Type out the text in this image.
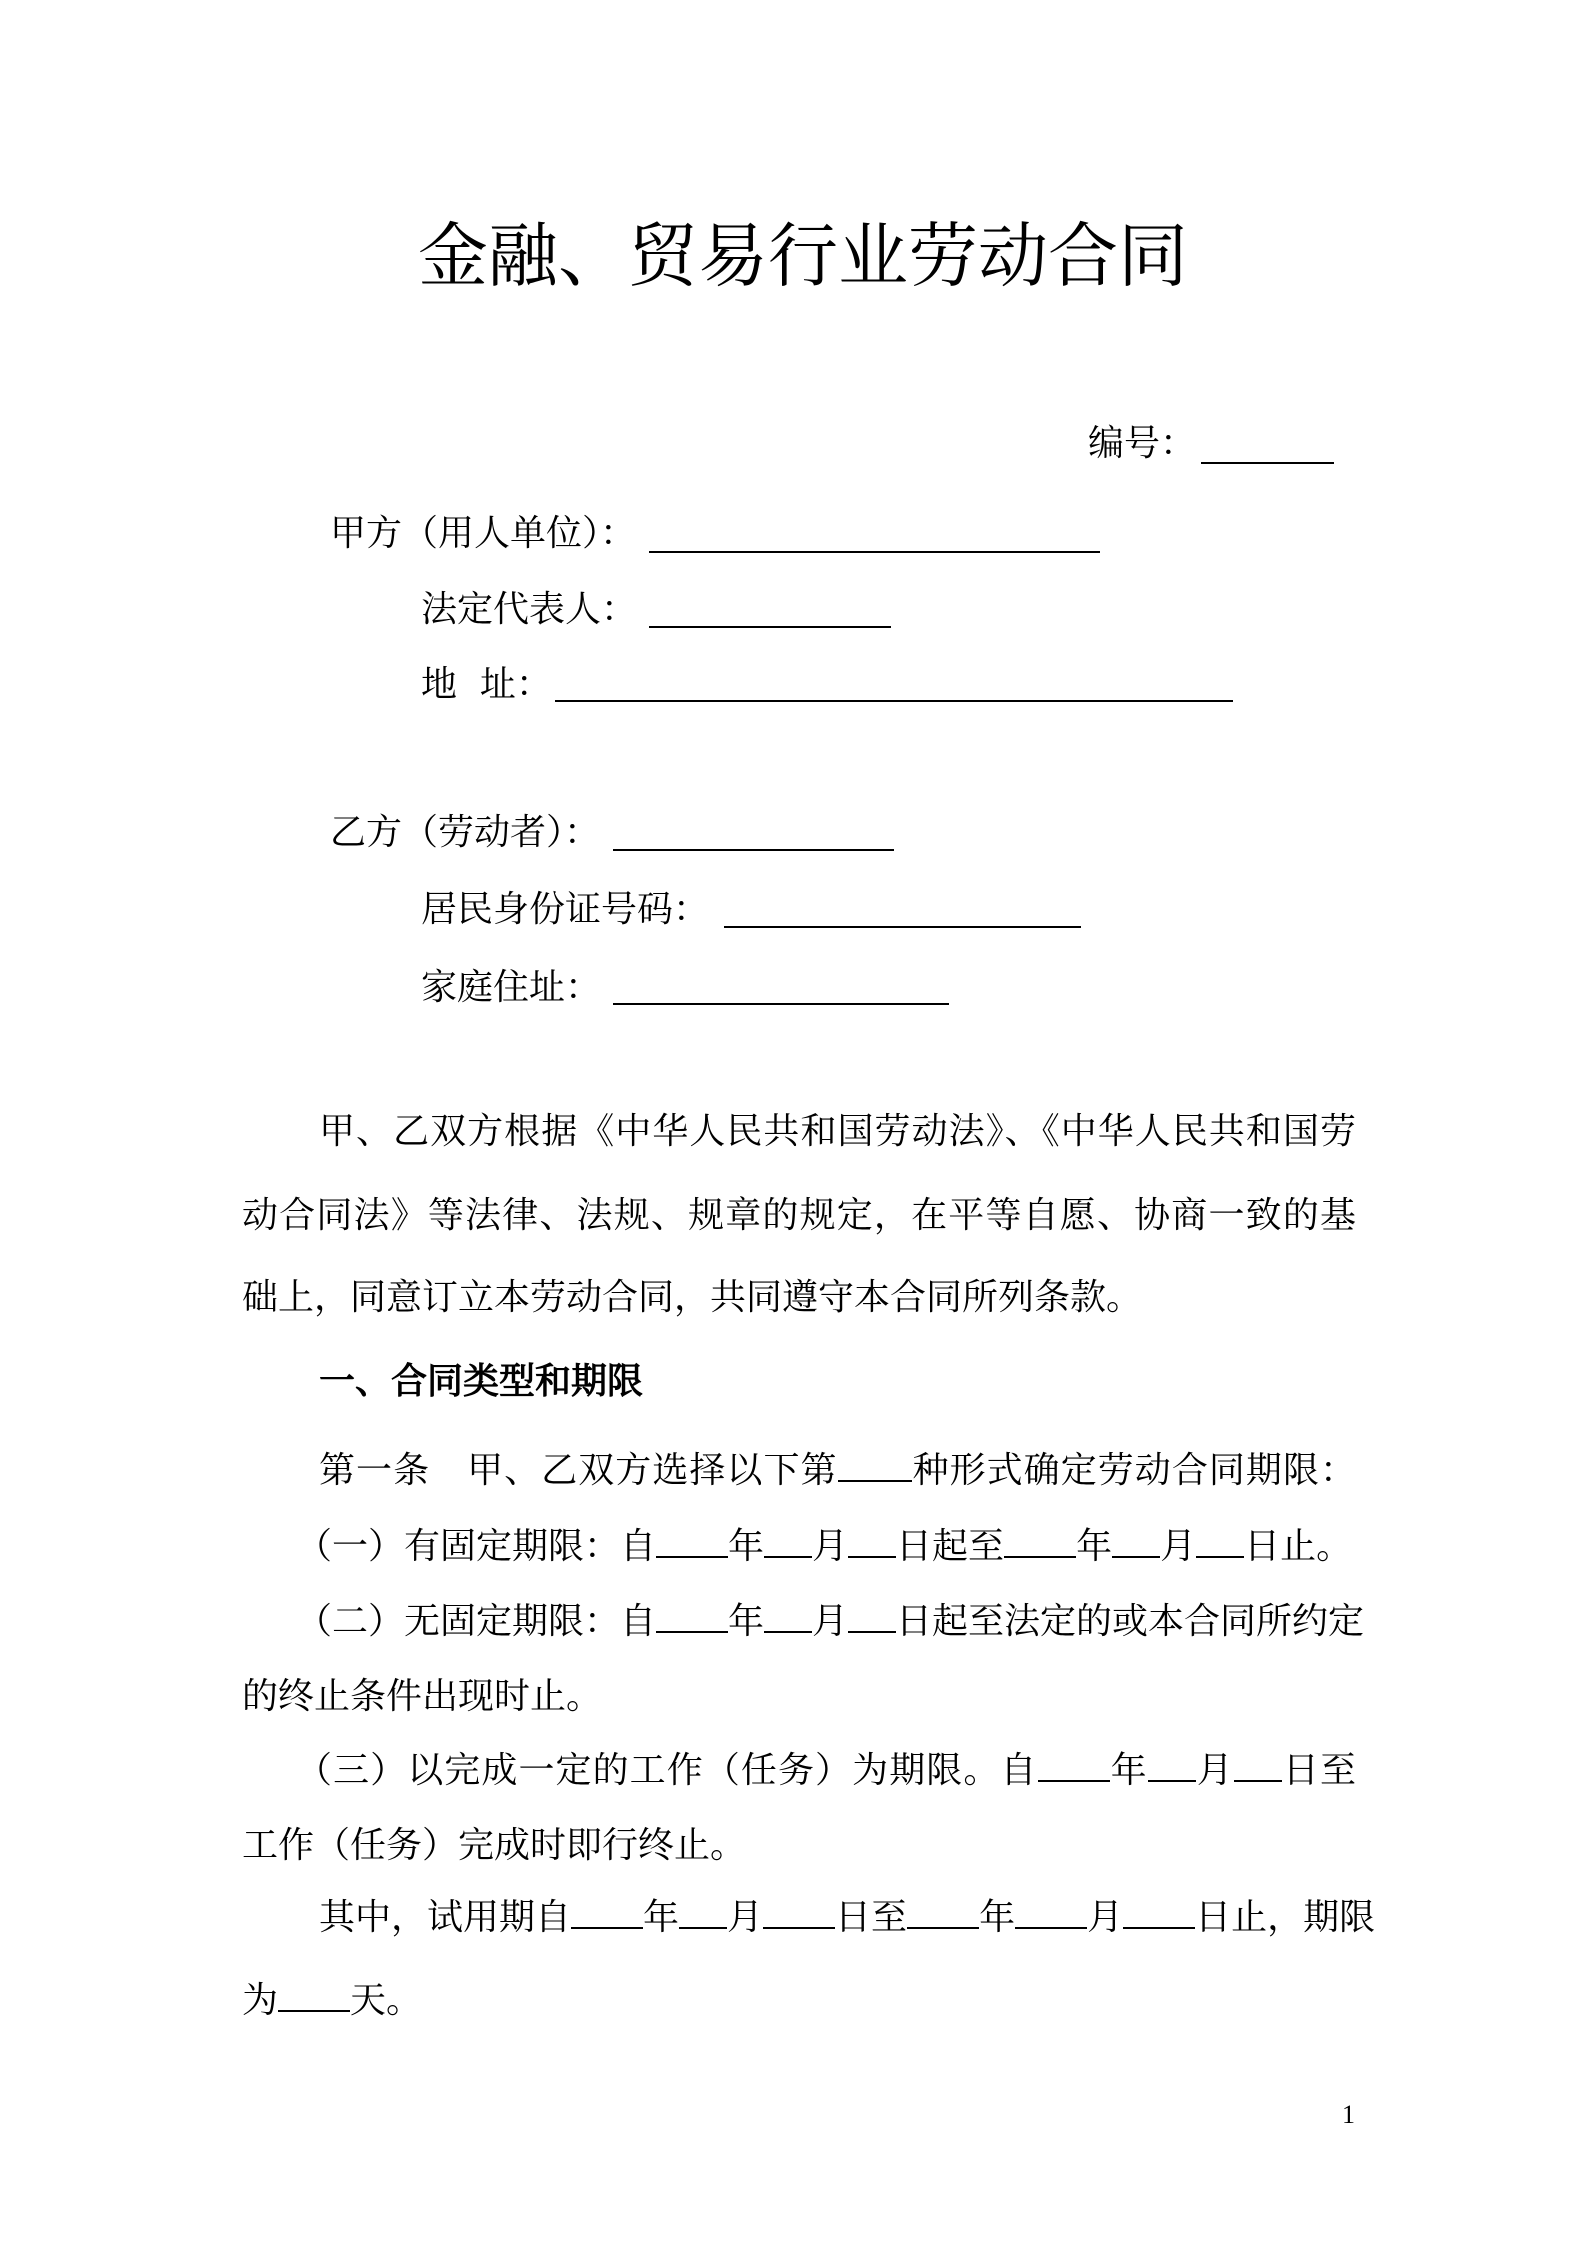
金融、贸易行业劳动合同
编号：
甲方（用人单位）：
法定代表人：
地  址：
乙方（劳动者）：
居民身份证号码：
家庭住址：
甲、乙双方根据《中华人民共和国劳动法》、《中华人民共和国劳
动合同法》等法律、法规、规章的规定，在平等自愿、协商一致的基
础上，同意订立本劳动合同，共同遵守本合同所列条款。
一、合同类型和期限
第一条　甲、乙双方选择以下第 种形式确定劳动合同期限：
（一）有固定期限：自 年 月 日起至 年 月 日止。
（二）无固定期限：自 年 月 日起至法定的或本合同所约定
的终止条件出现时止。
（三）以完成一定的工作（任务）为期限。自 年 月 日至
工作（任务）完成时即行终止。
其中，试用期自 年 月 日至 年 月 日止，期限
为 天。
1
